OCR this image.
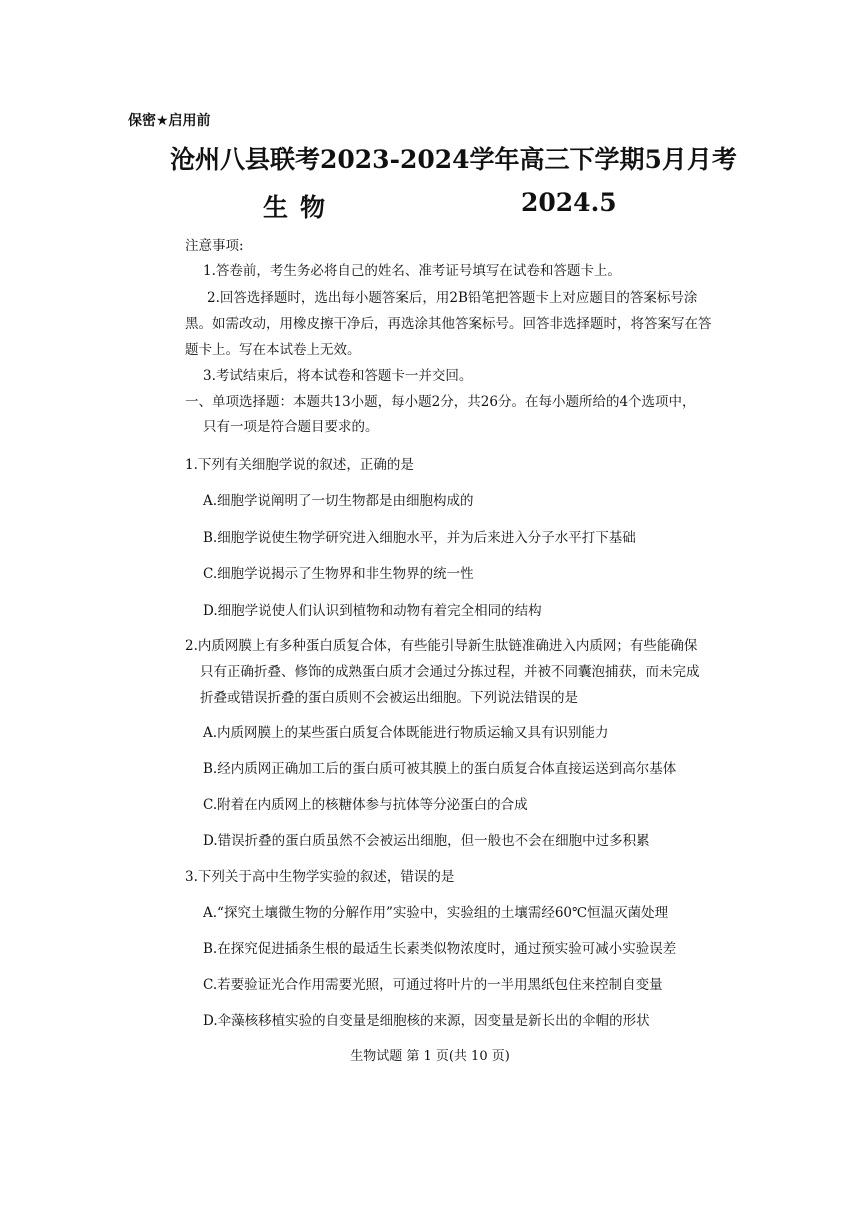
保密★启用前
沧州八县联考2023-2024学年高三下学期5月月考
生物	2024.5
注意事项:
1.答卷前，考生务必将自己的姓名、准考证号填写在试卷和答题卡上。
2.回答选择题时，选出每小题答案后，用2B铅笔把答题卡上对应题目的答案标号涂
黑。如需改动，用橡皮擦干净后，再选涂其他答案标号。回答非选择题时，将答案写在答
题卡上。写在本试卷上无效。
3.考试结束后，将本试卷和答题卡一并交回。
一、单项选择题：本题共13小题，每小题2分，共26分。在每小题所给的4个选项中，
只有一项是符合题目要求的。
1.下列有关细胞学说的叙述，正确的是
A.细胞学说阐明了一切生物都是由细胞构成的
B.细胞学说使生物学研究进入细胞水平，并为后来进入分子水平打下基础
C.细胞学说揭示了生物界和非生物界的统一性
D.细胞学说使人们认识到植物和动物有着完全相同的结构
2.内质网膜上有多种蛋白质复合体，有些能引导新生肽链准确进入内质网；有些能确保
只有正确折叠、修饰的成熟蛋白质才会通过分拣过程，并被不同囊泡捕获，而未完成
折叠或错误折叠的蛋白质则不会被运出细胞。下列说法错误的是
A.内质网膜上的某些蛋白质复合体既能进行物质运输又具有识别能力
B.经内质网正确加工后的蛋白质可被其膜上的蛋白质复合体直接运送到高尔基体
C.附着在内质网上的核糖体参与抗体等分泌蛋白的合成
D.错误折叠的蛋白质虽然不会被运出细胞，但一般也不会在细胞中过多积累
3.下列关于高中生物学实验的叙述，错误的是
A.“探究土壤微生物的分解作用”实验中，实验组的土壤需经60℃恒温灭菌处理
B.在探究促进插条生根的最适生长素类似物浓度时，通过预实验可减小实验误差
C.若要验证光合作用需要光照，可通过将叶片的一半用黑纸包住来控制自变量
D.伞藻核移植实验的自变量是细胞核的来源，因变量是新长出的伞帽的形状
生物试题 第 1 页(共 10 页)
